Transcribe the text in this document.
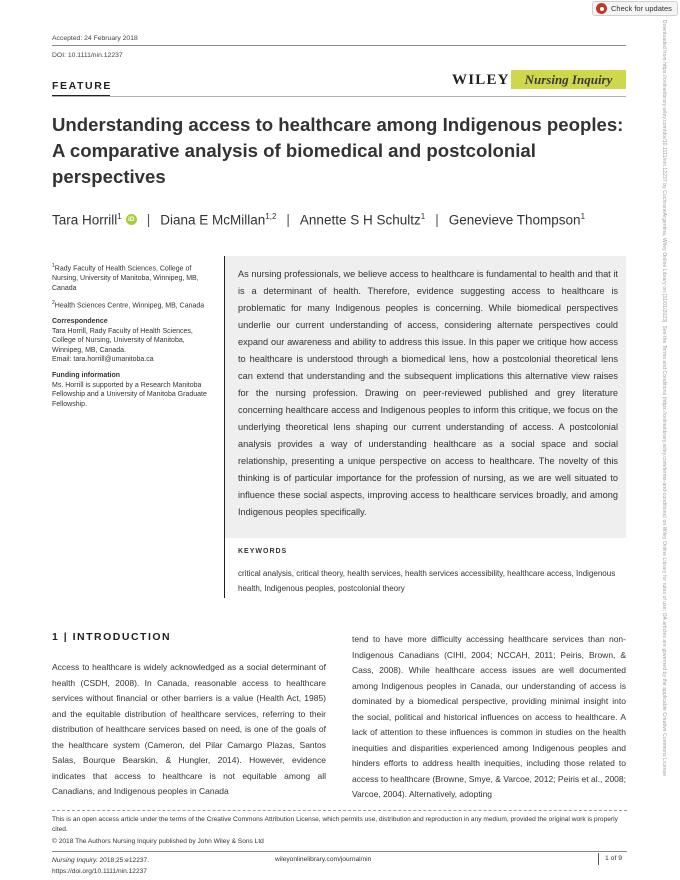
Check for updates
Downloaded from https://onlinelibrary.wiley.com/doi/10.1111/nin.12237 by CochraneArgentina, Wiley Online Library on [31/01/2023]. See the Terms and Conditions (https://onlinelibrary.wiley.com/terms-and-conditions) on Wiley Online Library for rules of use; OA articles are governed by the applicable Creative Commons License
Accepted: 24 February 2018
DOI: 10.1111/nin.12237
FEATURE	WILEY	Nursing Inquiry
Understanding access to healthcare among Indigenous peoples: A comparative analysis of biomedical and postcolonial perspectives
Tara Horrill$^1$ iD | Diana E McMillan$^{1,2}$ | Annette S H Schultz$^1$ | Genevieve Thompson$^1$

$^1$Rady Faculty of Health Sciences, College of Nursing, University of Manitoba, Winnipeg, MB, Canada

$^2$Health Sciences Centre, Winnipeg, MB, Canada

Correspondence
Tara Horrill, Rady Faculty of Health Sciences, College of Nursing, University of Manitoba, Winnipeg, MB, Canada.
Email: tara.horrill@umanitoba.ca

Funding information
Ms. Horrill is supported by a Research Manitoba Fellowship and a University of Manitoba Graduate Fellowship.

As nursing professionals, we believe access to healthcare is fundamental to health and that it is a determinant of health. Therefore, evidence suggesting access to healthcare is problematic for many Indigenous peoples is concerning. While biomedical perspectives underlie our current understanding of access, considering alternate perspectives could expand our awareness and ability to address this issue. In this paper we critique how access to healthcare is understood through a biomedical lens, how a postcolonial theoretical lens can extend that understanding and the subsequent implications this alternative view raises for the nursing profession. Drawing on peer-reviewed published and grey literature concerning healthcare access and Indigenous peoples to inform this critique, we focus on the underlying theoretical lens shaping our current understanding of access. A postcolonial analysis provides a way of understanding healthcare as a social space and social relationship, presenting a unique perspective on access to healthcare. The novelty of this thinking is of particular importance for the profession of nursing, as we are well situated to influence these social aspects, improving access to healthcare services broadly, and among Indigenous peoples specifically.

KEYWORDS

critical analysis, critical theory, health services, health services accessibility, healthcare access, Indigenous health, Indigenous peoples, postcolonial theory

1 | INTRODUCTION

Access to healthcare is widely acknowledged as a social determinant of health (CSDH, 2008). In Canada, reasonable access to healthcare services without financial or other barriers is a value (Health Act, 1985) and the equitable distribution of healthcare services, referring to their distribution of healthcare services based on need, is one of the goals of the healthcare system (Cameron, del Pilar Camargo Plazas, Santos Salas, Bourque Bearskin, & Hungler, 2014). However, evidence indicates that access to healthcare is not equitable among all Canadians, and Indigenous peoples in Canada

tend to have more difficulty accessing healthcare services than non-Indigenous Canadians (CIHI, 2004; NCCAH, 2011; Peiris, Brown, & Cass, 2008). While healthcare access issues are well documented among Indigenous peoples in Canada, our understanding of access is dominated by a biomedical perspective, providing minimal insight into the social, political and historical influences on access to healthcare. A lack of attention to these influences is common in studies on the health inequities and disparities experienced among Indigenous peoples and hinders efforts to address health inequities, including those related to access to healthcare (Browne, Smye, & Varcoe, 2012; Peiris et al., 2008; Varcoe, 2004). Alternatively, adopting

This is an open access article under the terms of the Creative Commons Attribution License, which permits use, distribution and reproduction in any medium, provided the original work is properly cited.

© 2018 The Authors Nursing Inquiry published by John Wiley & Sons Ltd
Nursing Inquiry. 2018;25:e12237.
https://doi.org/10.1111/nin.12237
wileyonlinelibrary.com/journal/nin	1 of 9
